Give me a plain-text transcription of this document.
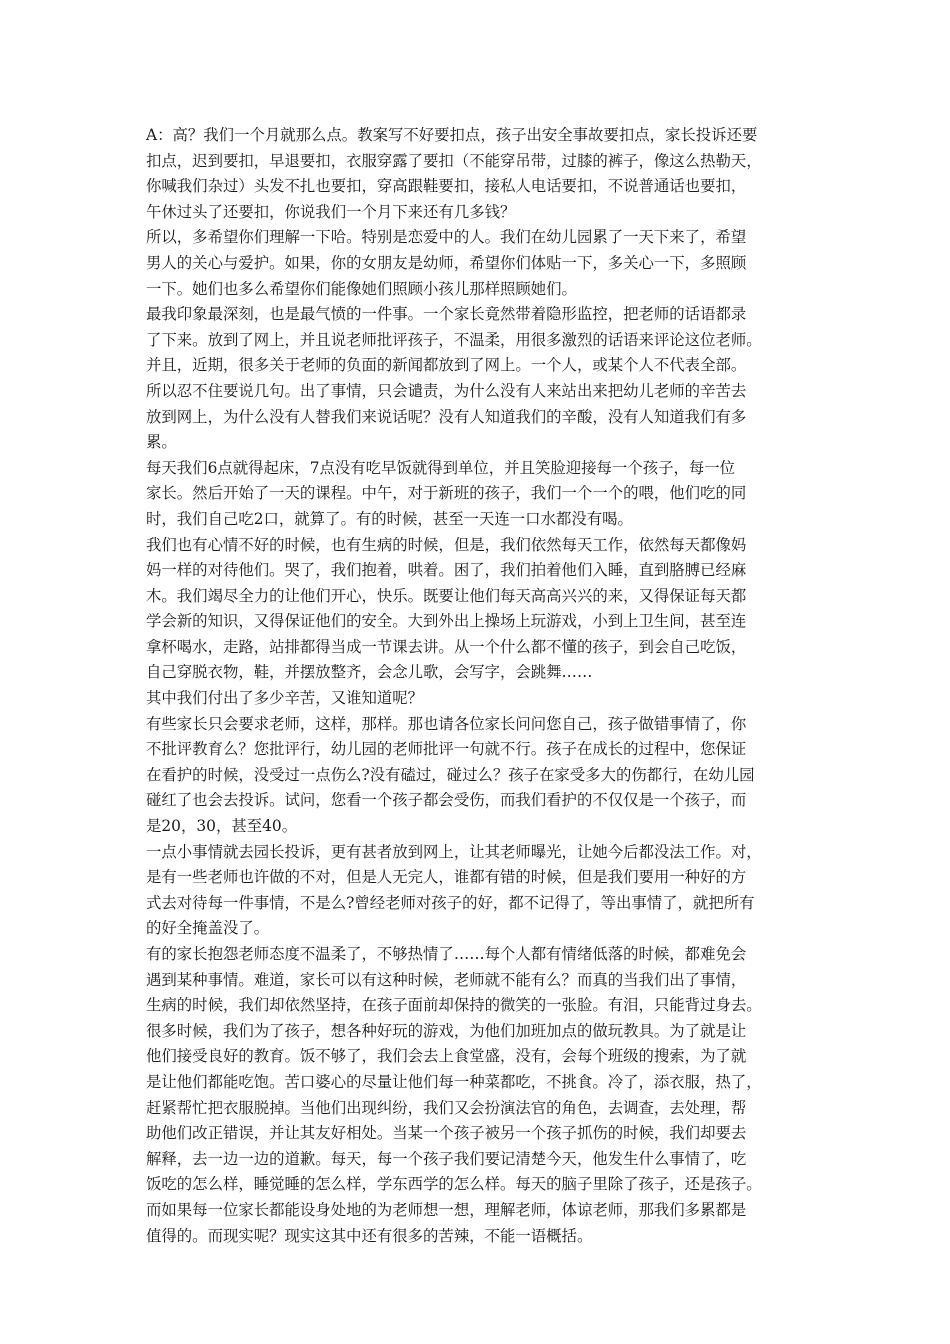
A：高？我们一个月就那么点。教案写不好要扣点，孩子出安全事故要扣点，家长投诉还要
扣点，迟到要扣，早退要扣，衣服穿露了要扣（不能穿吊带，过膝的裤子，像这么热勒天，
你喊我们杂过）头发不扎也要扣，穿高跟鞋要扣，接私人电话要扣，不说普通话也要扣，
午休过头了还要扣，你说我们一个月下来还有几多钱？
所以，多希望你们理解一下哈。特别是恋爱中的人。我们在幼儿园累了一天下来了，希望
男人的关心与爱护。如果，你的女朋友是幼师，希望你们体贴一下，多关心一下，多照顾
一下。她们也多么希望你们能像她们照顾小孩儿那样照顾她们。
最我印象最深刻，也是最气愤的一件事。一个家长竟然带着隐形监控，把老师的话语都录
了下来。放到了网上，并且说老师批评孩子，不温柔，用很多激烈的话语来评论这位老师。
并且，近期，很多关于老师的负面的新闻都放到了网上。一个人，或某个人不代表全部。
所以忍不住要说几句。出了事情，只会谴责，为什么没有人来站出来把幼儿老师的辛苦去
放到网上，为什么没有人替我们来说话呢？没有人知道我们的辛酸，没有人知道我们有多
累。
每天我们6点就得起床，7点没有吃早饭就得到单位，并且笑脸迎接每一个孩子，每一位
家长。然后开始了一天的课程。中午，对于新班的孩子，我们一个一个的喂，他们吃的同
时，我们自己吃2口，就算了。有的时候，甚至一天连一口水都没有喝。
我们也有心情不好的时候，也有生病的时候，但是，我们依然每天工作，依然每天都像妈
妈一样的对待他们。哭了，我们抱着，哄着。困了，我们拍着他们入睡，直到胳膊已经麻
木。我们竭尽全力的让他们开心，快乐。既要让他们每天高高兴兴的来，又得保证每天都
学会新的知识，又得保证他们的安全。大到外出上操场上玩游戏，小到上卫生间，甚至连
拿杯喝水，走路，站排都得当成一节课去讲。从一个什么都不懂的孩子，到会自己吃饭，
自己穿脱衣物，鞋，并摆放整齐，会念儿歌，会写字，会跳舞……
其中我们付出了多少辛苦，又谁知道呢？
有些家长只会要求老师，这样，那样。那也请各位家长问问您自己，孩子做错事情了，你
不批评教育么？您批评行，幼儿园的老师批评一句就不行。孩子在成长的过程中，您保证
在看护的时候，没受过一点伤么?没有磕过，碰过么？孩子在家受多大的伤都行，在幼儿园
碰红了也会去投诉。试问，您看一个孩子都会受伤，而我们看护的不仅仅是一个孩子，而
是20，30，甚至40。
一点小事情就去园长投诉，更有甚者放到网上，让其老师曝光，让她今后都没法工作。对，
是有一些老师也许做的不对，但是人无完人，谁都有错的时候，但是我们要用一种好的方
式去对待每一件事情，不是么?曾经老师对孩子的好，都不记得了，等出事情了，就把所有
的好全掩盖没了。
有的家长抱怨老师态度不温柔了，不够热情了……每个人都有情绪低落的时候，都难免会
遇到某种事情。难道，家长可以有这种时候，老师就不能有么？而真的当我们出了事情，
生病的时候，我们却依然坚持，在孩子面前却保持的微笑的一张脸。有泪，只能背过身去。
很多时候，我们为了孩子，想各种好玩的游戏，为他们加班加点的做玩教具。为了就是让
他们接受良好的教育。饭不够了，我们会去上食堂盛，没有，会每个班级的搜索，为了就
是让他们都能吃饱。苦口婆心的尽量让他们每一种菜都吃，不挑食。冷了，添衣服，热了，
赶紧帮忙把衣服脱掉。当他们出现纠纷，我们又会扮演法官的角色，去调查，去处理，帮
助他们改正错误，并让其友好相处。当某一个孩子被另一个孩子抓伤的时候，我们却要去
解释，去一边一边的道歉。每天，每一个孩子我们要记清楚今天，他发生什么事情了，吃
饭吃的怎么样，睡觉睡的怎么样，学东西学的怎么样。每天的脑子里除了孩子，还是孩子。
而如果每一位家长都能设身处地的为老师想一想，理解老师，体谅老师，那我们多累都是
值得的。而现实呢？现实这其中还有很多的苦辣，不能一语概括。
